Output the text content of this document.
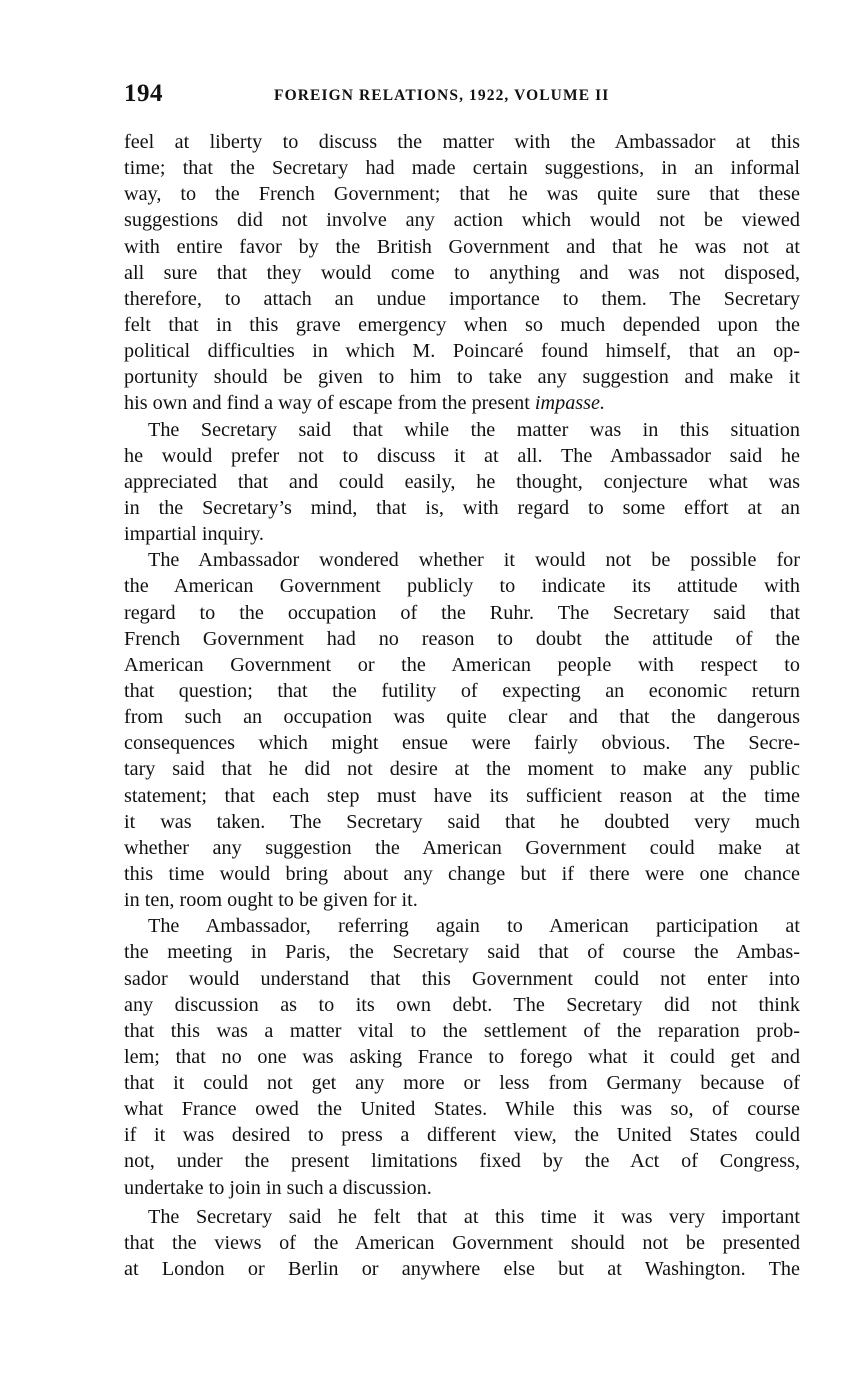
194	FOREIGN RELATIONS, 1922, VOLUME II
feel at liberty to discuss the matter with the Ambassador at this
time; that the Secretary had made certain suggestions, in an informal
way, to the French Government; that he was quite sure that these
suggestions did not involve any action which would not be viewed
with entire favor by the British Government and that he was not at
all sure that they would come to anything and was not disposed,
therefore, to attach an undue importance to them. The Secretary
felt that in this grave emergency when so much depended upon the
political difficulties in which M. Poincaré found himself, that an op-
portunity should be given to him to take any suggestion and make it
his own and find a way of escape from the present impasse.
The Secretary said that while the matter was in this situation
he would prefer not to discuss it at all. The Ambassador said he
appreciated that and could easily, he thought, conjecture what was
in the Secretary’s mind, that is, with regard to some effort at an
impartial inquiry.
The Ambassador wondered whether it would not be possible for
the American Government publicly to indicate its attitude with
regard to the occupation of the Ruhr. The Secretary said that
French Government had no reason to doubt the attitude of the
American Government or the American people with respect to
that question; that the futility of expecting an economic return
from such an occupation was quite clear and that the dangerous
consequences which might ensue were fairly obvious. The Secre-
tary said that he did not desire at the moment to make any public
statement; that each step must have its sufficient reason at the time
it was taken. The Secretary said that he doubted very much
whether any suggestion the American Government could make at
this time would bring about any change but if there were one chance
in ten, room ought to be given for it.
The Ambassador, referring again to American participation at
the meeting in Paris, the Secretary said that of course the Ambas-
sador would understand that this Government could not enter into
any discussion as to its own debt. The Secretary did not think
that this was a matter vital to the settlement of the reparation prob-
lem; that no one was asking France to forego what it could get and
that it could not get any more or less from Germany because of
what France owed the United States. While this was so, of course
if it was desired to press a different view, the United States could
not, under the present limitations fixed by the Act of Congress,
undertake to join in such a discussion.
The Secretary said he felt that at this time it was very important
that the views of the American Government should not be presented
at London or Berlin or anywhere else but at Washington. The
